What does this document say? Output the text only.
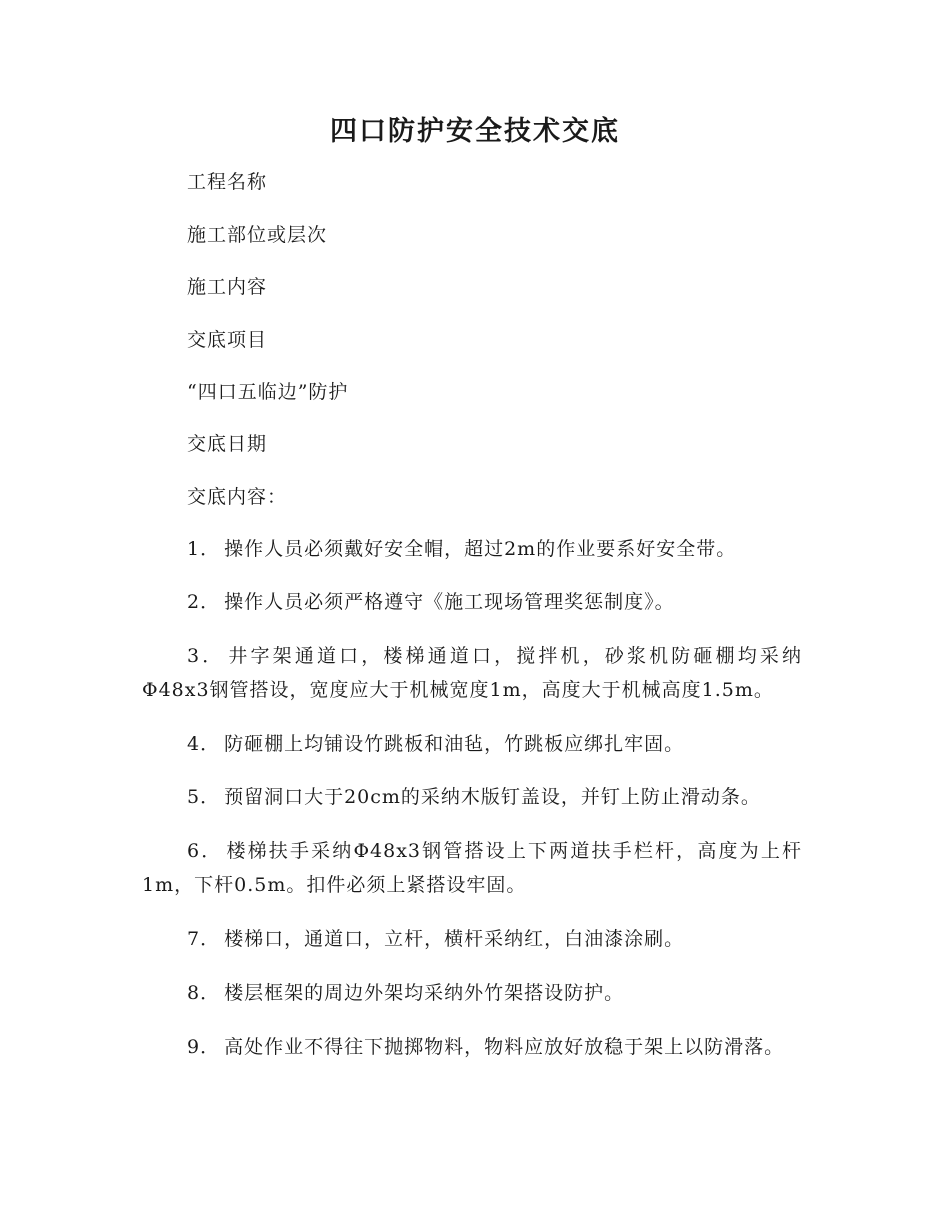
四口防护安全技术交底
工程名称
施工部位或层次
施工内容
交底项目
“四口五临边”防护
交底日期
交底内容：
1． 操作人员必须戴好安全帽，超过2m的作业要系好安全带。
2． 操作人员必须严格遵守《施工现场管理奖惩制度》。
3． 井字架通道口，楼梯通道口，搅拌机，砂浆机防砸棚均采纳Φ48x3钢管搭设，宽度应大于机械宽度1m，高度大于机械高度1.5m。
4． 防砸棚上均铺设竹跳板和油毡，竹跳板应绑扎牢固。
5． 预留洞口大于20cm的采纳木版钉盖设，并钉上防止滑动条。
6． 楼梯扶手采纳Φ48x3钢管搭设上下两道扶手栏杆，高度为上杆1m，下杆0.5m。扣件必须上紧搭设牢固。
7． 楼梯口，通道口，立杆，横杆采纳红，白油漆涂刷。
8． 楼层框架的周边外架均采纳外竹架搭设防护。
9． 高处作业不得往下抛掷物料，物料应放好放稳于架上以防滑落。
